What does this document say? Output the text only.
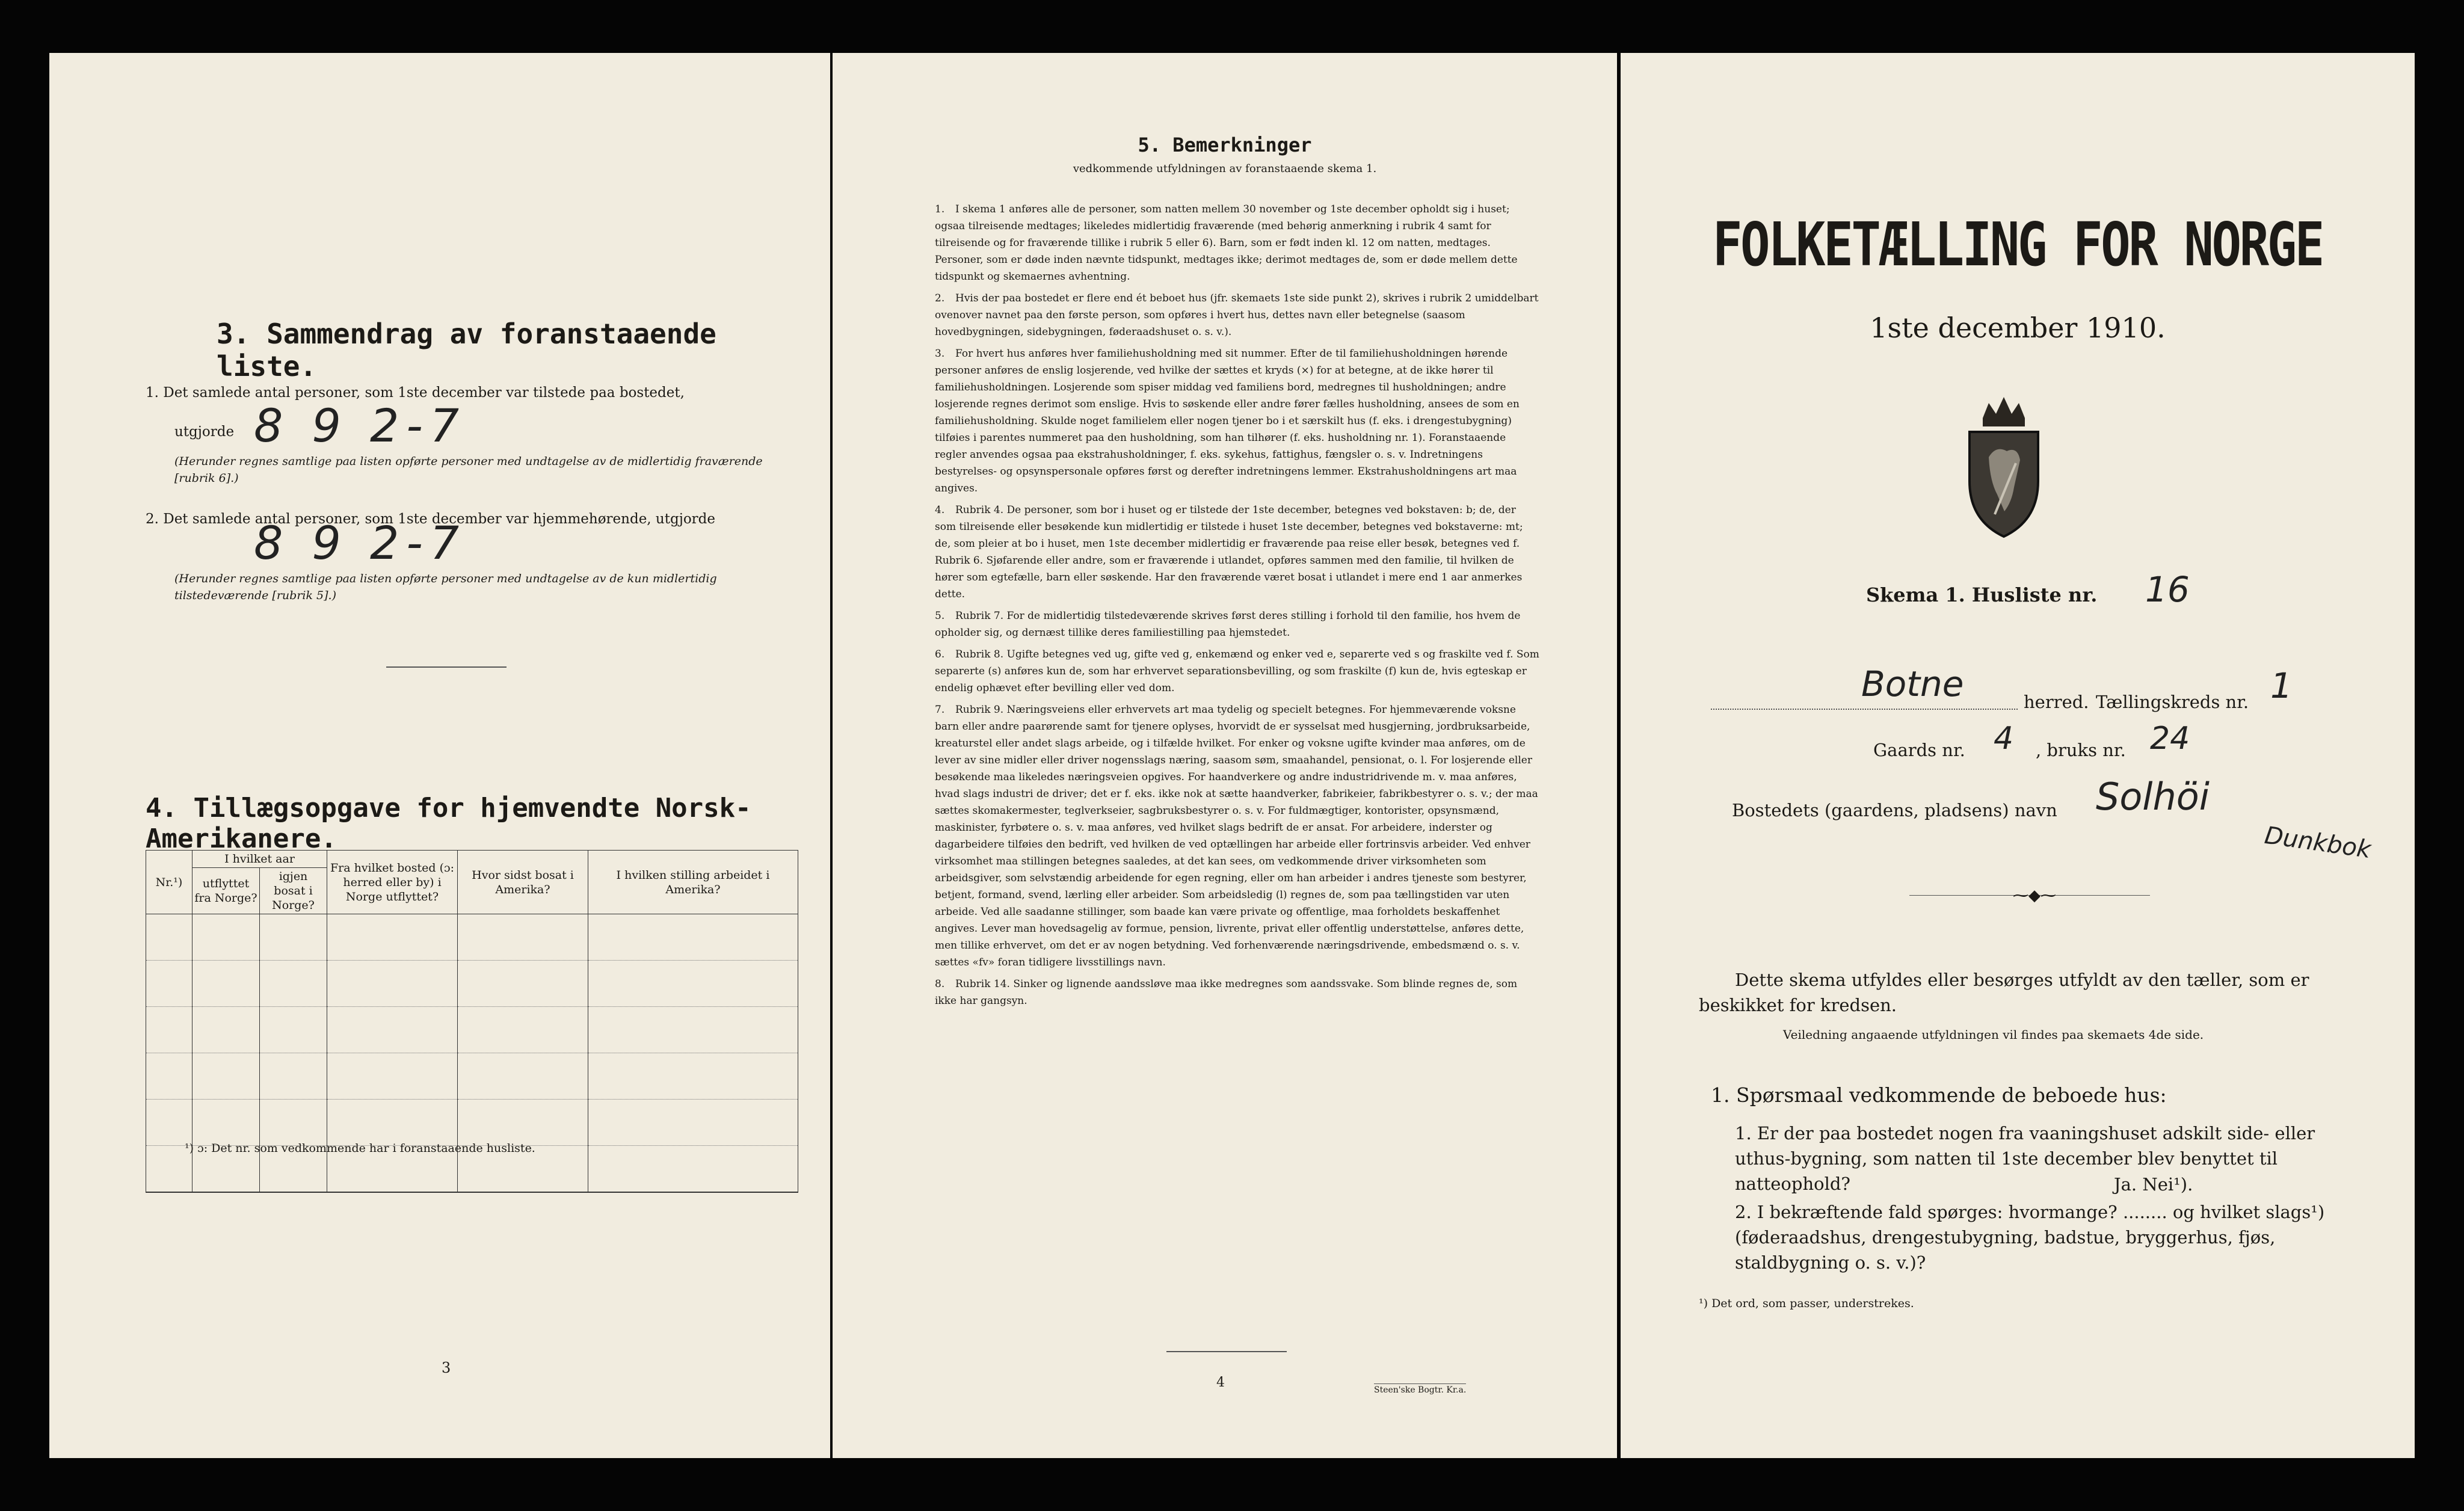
3. Sammendrag av foranstaaende liste.
1. Det samlede antal personer, som 1ste december var tilstede paa bostedet,
utgjorde 8 9 2-7
(Herunder regnes samtlige paa listen opførte personer med undtagelse av de midlertidig fraværende [rubrik 6].)
2. Det samlede antal personer, som 1ste december var hjemmehørende, utgjorde
8 9 2-7
(Herunder regnes samtlige paa listen opførte personer med undtagelse av de kun midlertidig tilstedeværende [rubrik 5].)
4. Tillægsopgave for hjemvendte Norsk-Amerikanere.
Nr.¹)	I hvilket aar		Fra hvilket bosted (ɔ: herred eller by) i Norge utflyttet?	Hvor sidst bosat i Amerika?	I hvilken stilling arbeidet i Amerika?
	utflyttet fra Norge?	igjen bosat i Norge?			

¹) ɔ: Det nr. som vedkommende har i foranstaaende husliste.
3
5. Bemerkninger
vedkommende utfyldningen av foranstaaende skema 1.
1. I skema 1 anføres alle de personer, som natten mellem 30 november og 1ste december opholdt sig i huset; ogsaa tilreisende medtages; likeledes midlertidig fraværende (med behørig anmerkning i rubrik 4 samt for tilreisende og for fraværende tillike i rubrik 5 eller 6). Barn, som er født inden kl. 12 om natten, medtages. Personer, som er døde inden nævnte tidspunkt, medtages ikke; derimot medtages de, som er døde mellem dette tidspunkt og skemaernes avhentning.
2. Hvis der paa bostedet er flere end ét beboet hus (jfr. skemaets 1ste side punkt 2), skrives i rubrik 2 umiddelbart ovenover navnet paa den første person, som opføres i hvert hus, dettes navn eller betegnelse (saasom hovedbygningen, sidebygningen, føderaadshuset o. s. v.).
3. For hvert hus anføres hver familiehusholdning med sit nummer. Efter de til familiehusholdningen hørende personer anføres de enslig losjerende, ved hvilke der sættes et kryds (×) for at betegne, at de ikke hører til familiehusholdningen. Losjerende som spiser middag ved familiens bord, medregnes til husholdningen; andre losjerende regnes derimot som enslige. Hvis to søskende eller andre fører fælles husholdning, ansees de som en familiehusholdning. Skulde noget familielem eller nogen tjener bo i et særskilt hus (f. eks. i drengestubygning) tilføies i parentes nummeret paa den husholdning, som han tilhører (f. eks. husholdning nr. 1). Foranstaaende regler anvendes ogsaa paa ekstrahusholdninger, f. eks. sykehus, fattighus, fængsler o. s. v. Indretningens bestyrelses- og opsynspersonale opføres først og derefter indretningens lemmer. Ekstrahusholdningens art maa angives.
4. Rubrik 4. De personer, som bor i huset og er tilstede der 1ste december, betegnes ved bokstaven: b; de, der som tilreisende eller besøkende kun midlertidig er tilstede i huset 1ste december, betegnes ved bokstaverne: mt; de, som pleier at bo i huset, men 1ste december midlertidig er fraværende paa reise eller besøk, betegnes ved f. Rubrik 6. Sjøfarende eller andre, som er fraværende i utlandet, opføres sammen med den familie, til hvilken de hører som egtefælle, barn eller søskende. Har den fraværende været bosat i utlandet i mere end 1 aar anmerkes dette.
5. Rubrik 7. For de midlertidig tilstedeværende skrives først deres stilling i forhold til den familie, hos hvem de opholder sig, og dernæst tillike deres familiestilling paa hjemstedet.
6. Rubrik 8. Ugifte betegnes ved ug, gifte ved g, enkemænd og enker ved e, separerte ved s og fraskilte ved f. Som separerte (s) anføres kun de, som har erhvervet separationsbevilling, og som fraskilte (f) kun de, hvis egteskap er endelig ophævet efter bevilling eller ved dom.
7. Rubrik 9. Næringsveiens eller erhvervets art maa tydelig og specielt betegnes. For hjemmeværende voksne barn eller andre paarørende samt for tjenere oplyses, hvorvidt de er sysselsat med husgjerning, jordbruksarbeide, kreaturstel eller andet slags arbeide, og i tilfælde hvilket. For enker og voksne ugifte kvinder maa anføres, om de lever av sine midler eller driver nogensslags næring, saasom søm, smaahandel, pensionat, o. l. For losjerende eller besøkende maa likeledes næringsveien opgives. For haandverkere og andre industridrivende m. v. maa anføres, hvad slags industri de driver; det er f. eks. ikke nok at sætte haandverker, fabrikeier, fabrikbestyrer o. s. v.; der maa sættes skomakermester, teglverkseier, sagbruksbestyrer o. s. v. For fuldmægtiger, kontorister, opsynsmænd, maskinister, fyrbøtere o. s. v. maa anføres, ved hvilket slags bedrift de er ansat. For arbeidere, inderster og dagarbeidere tilføies den bedrift, ved hvilken de ved optællingen har arbeide eller fortrinsvis arbeider. Ved enhver virksomhet maa stillingen betegnes saaledes, at det kan sees, om vedkommende driver virksomheten som arbeidsgiver, som selvstændig arbeidende for egen regning, eller om han arbeider i andres tjeneste som bestyrer, betjent, formand, svend, lærling eller arbeider. Som arbeidsledig (l) regnes de, som paa tællingstiden var uten arbeide. Ved alle saadanne stillinger, som baade kan være private og offentlige, maa forholdets beskaffenhet angives. Lever man hovedsagelig av formue, pension, livrente, privat eller offentlig understøttelse, anføres dette, men tillike erhvervet, om det er av nogen betydning. Ved forhenværende næringsdrivende, embedsmænd o. s. v. sættes «fv» foran tidligere livsstillings navn.
8. Rubrik 14. Sinker og lignende aandssløve maa ikke medregnes som aandssvake. Som blinde regnes de, som ikke har gangsyn.
4	Steen'ske Bogtr. Kr.a.
FOLKETÆLLING FOR NORGE
1ste december 1910.
Skema 1. Husliste nr. 16
Botne	herred. Tællingskreds nr. 1
Gaards nr. 4 , bruks nr. 24
Bostedets (gaardens, pladsens) navn Solhöi
Dunkbok
⁓◆⁓
Dette skema utfyldes eller besørges utfyldt av den tæller, som er beskikket for kredsen.
Veiledning angaaende utfyldningen vil findes paa skemaets 4de side.
1. Spørsmaal vedkommende de beboede hus:
1. Er der paa bostedet nogen fra vaaningshuset adskilt side- eller uthus-bygning, som natten til 1ste december blev benyttet til natteophold?	Ja. Nei¹).
2. I bekræftende fald spørges: hvormange? ........ og hvilket slags¹) (føderaadshus, drengestubygning, badstue, bryggerhus, fjøs, staldbygning o. s. v.)?
¹) Det ord, som passer, understrekes.
